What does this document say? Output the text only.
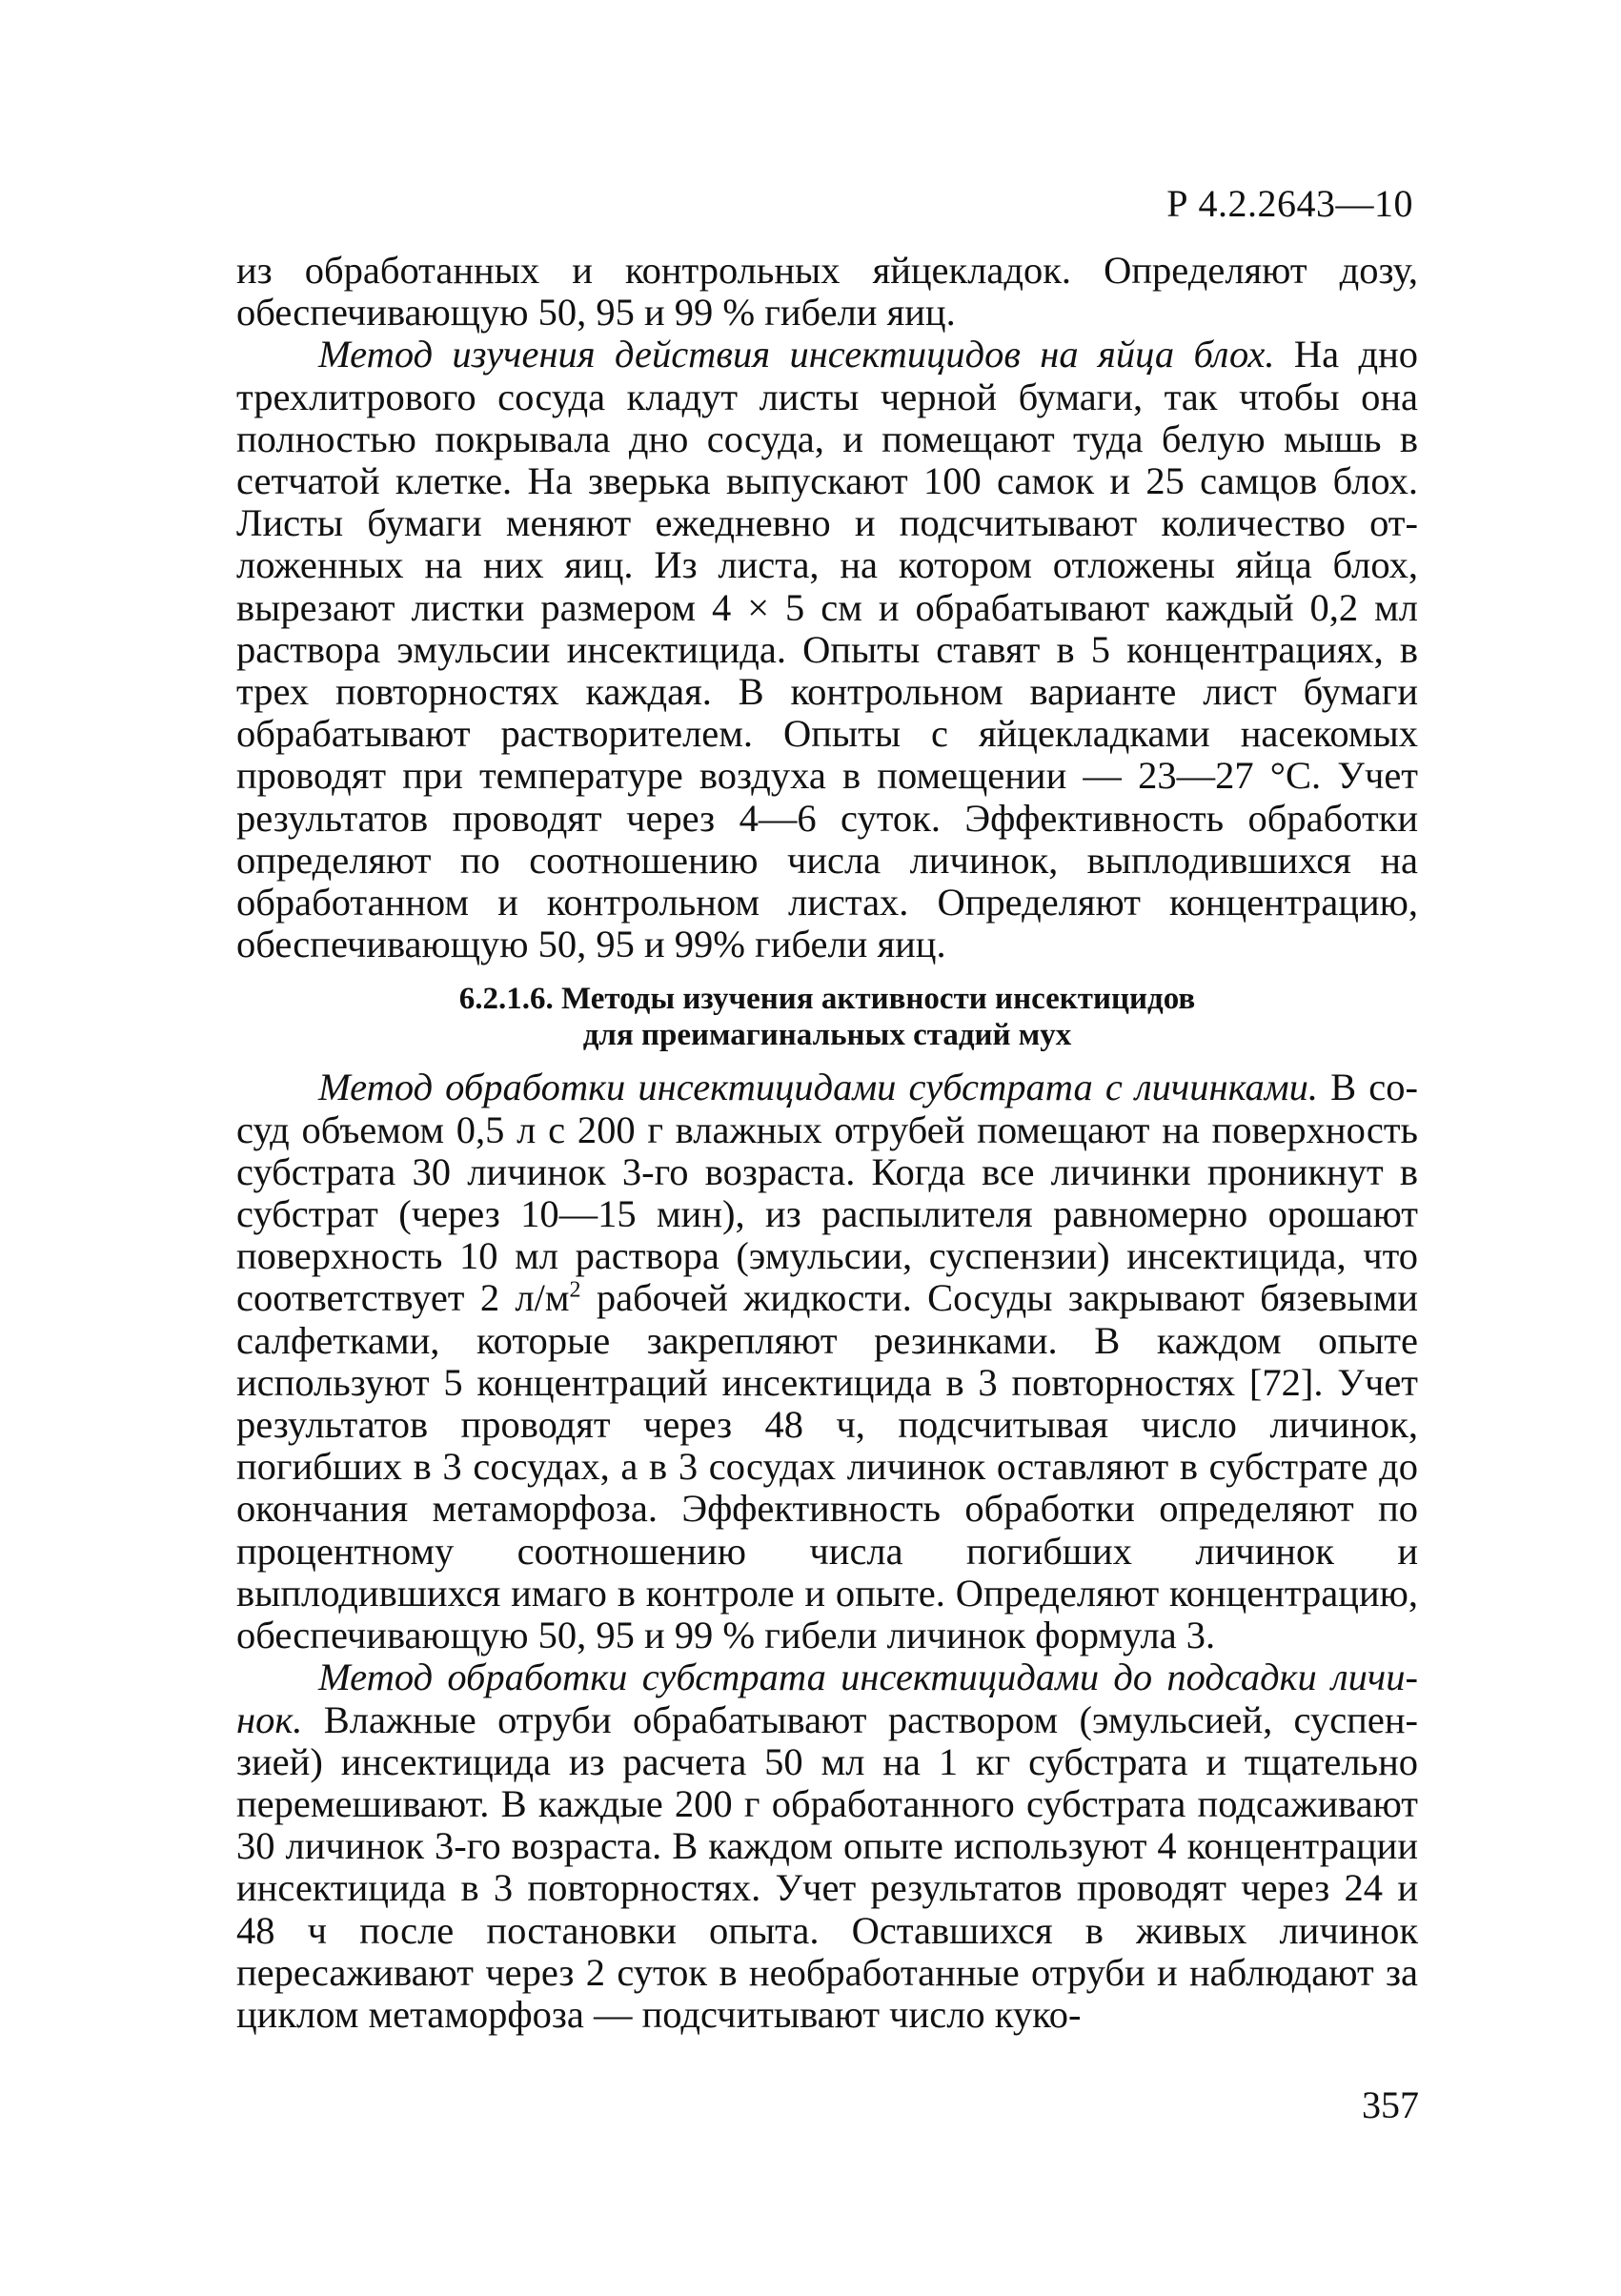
Р 4.2.2643—10

из обработанных и контрольных яйцекладок. Определяют дозу, обеспечивающую 50, 95 и 99 % гибели яиц.

Метод изучения действия инсектицидов на яйца блох. На дно трехлитрового сосуда кладут листы черной бумаги, так чтобы она полностью покрывала дно сосуда, и помещают туда белую мышь в сетчатой клетке. На зверька выпускают 100 самок и 25 самцов блох. Листы бумаги меняют ежедневно и подсчитывают количество отложенных на них яиц. Из листа, на котором отложены яйца блох, вырезают листки размером 4 × 5 см и обрабатывают каждый 0,2 мл раствора эмульсии инсектицида. Опыты ставят в 5 концентрациях, в трех повторностях каждая. В контрольном варианте лист бумаги обрабатывают растворителем. Опыты с яйцекладками насекомых проводят при температуре воздуха в помещении — 23—27 °С. Учет результатов проводят через 4—6 суток. Эффективность обработки определяют по соотношению числа личинок, выплодившихся на обработанном и контрольном листах. Определяют концентрацию, обеспечивающую 50, 95 и 99% гибели яиц.

6.2.1.6. Методы изучения активности инсектицидов
для преимагинальных стадий мух

Метод обработки инсектицидами субстрата с личинками. В сосуд объемом 0,5 л с 200 г влажных отрубей помещают на поверхность субстрата 30 личинок 3-го возраста. Когда все личинки проникнут в субстрат (через 10—15 мин), из распылителя равномерно орошают поверхность 10 мл раствора (эмульсии, суспензии) инсектицида, что соответствует 2 $л/м^2$ рабочей жидкости. Сосуды закрывают бязевыми салфетками, которые закрепляют резинками. В каждом опыте используют 5 концентраций инсектицида в 3 повторностях [72]. Учет результатов проводят через 48 ч, подсчитывая число личинок, погибших в 3 сосудах, а в 3 сосудах личинок оставляют в субстрате до окончания метаморфоза. Эффективность обработки определяют по процентному соотношению числа погибших личинок и выплодившихся имаго в контроле и опыте. Определяют концентрацию, обеспечивающую 50, 95 и 99 % гибели личинок формула 3.

Метод обработки субстрата инсектицидами до подсадки личинок. Влажные отруби обрабатывают раствором (эмульсией, суспензией) инсектицида из расчета 50 мл на 1 кг субстрата и тщательно перемешивают. В каждые 200 г обработанного субстрата подсаживают 30 личинок 3-го возраста. В каждом опыте используют 4 концентрации инсектицида в 3 повторностях. Учет результатов проводят через 24 и 48 ч после постановки опыта. Оставшихся в живых личинок пересаживают через 2 суток в необработанные отруби и наблюдают за циклом метаморфоза — подсчитывают число куко-

357
